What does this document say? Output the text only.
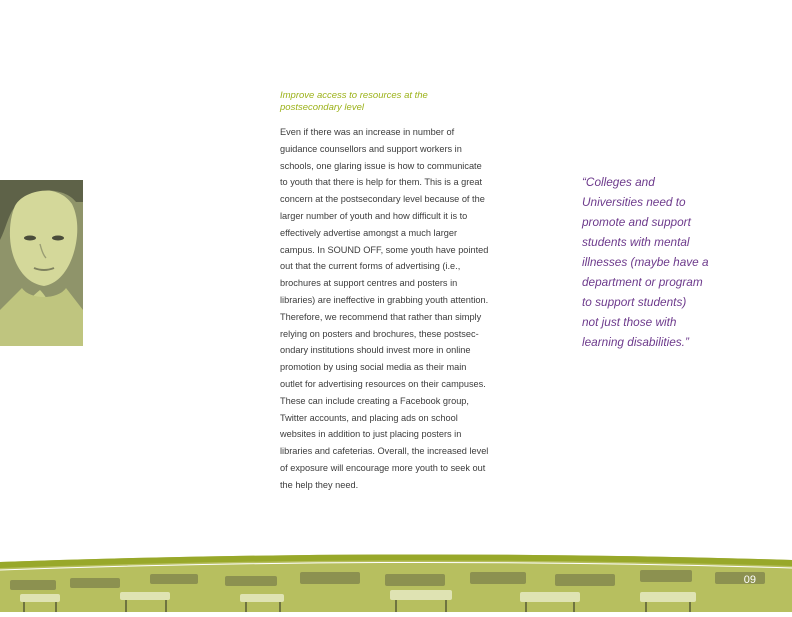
Improve access to resources at the
postsecondary level

Even if there was an increase in number of
guidance counsellors and support workers in
schools, one glaring issue is how to communicate
to youth that there is help for them. This is a great
concern at the postsecondary level because of the
larger number of youth and how difficult it is to
effectively advertise amongst a much larger
campus. In SOUND OFF, some youth have pointed
out that the current forms of advertising (i.e.,
brochures at support centres and posters in
libraries) are ineffective in grabbing youth attention.
Therefore, we recommend that rather than simply
relying on posters and brochures, these postsec-
ondary institutions should invest more in online
promotion by using social media as their main
outlet for advertising resources on their campuses.
These can include creating a Facebook group,
Twitter accounts, and placing ads on school
websites in addition to just placing posters in
libraries and cafeterias. Overall, the increased level
of exposure will encourage more youth to seek out
the help they need.
“Colleges and
Universities need to
promote and support
students with mental
illnesses (maybe have a
department or program
to support students)
not just those with
learning disabilities.”

09
